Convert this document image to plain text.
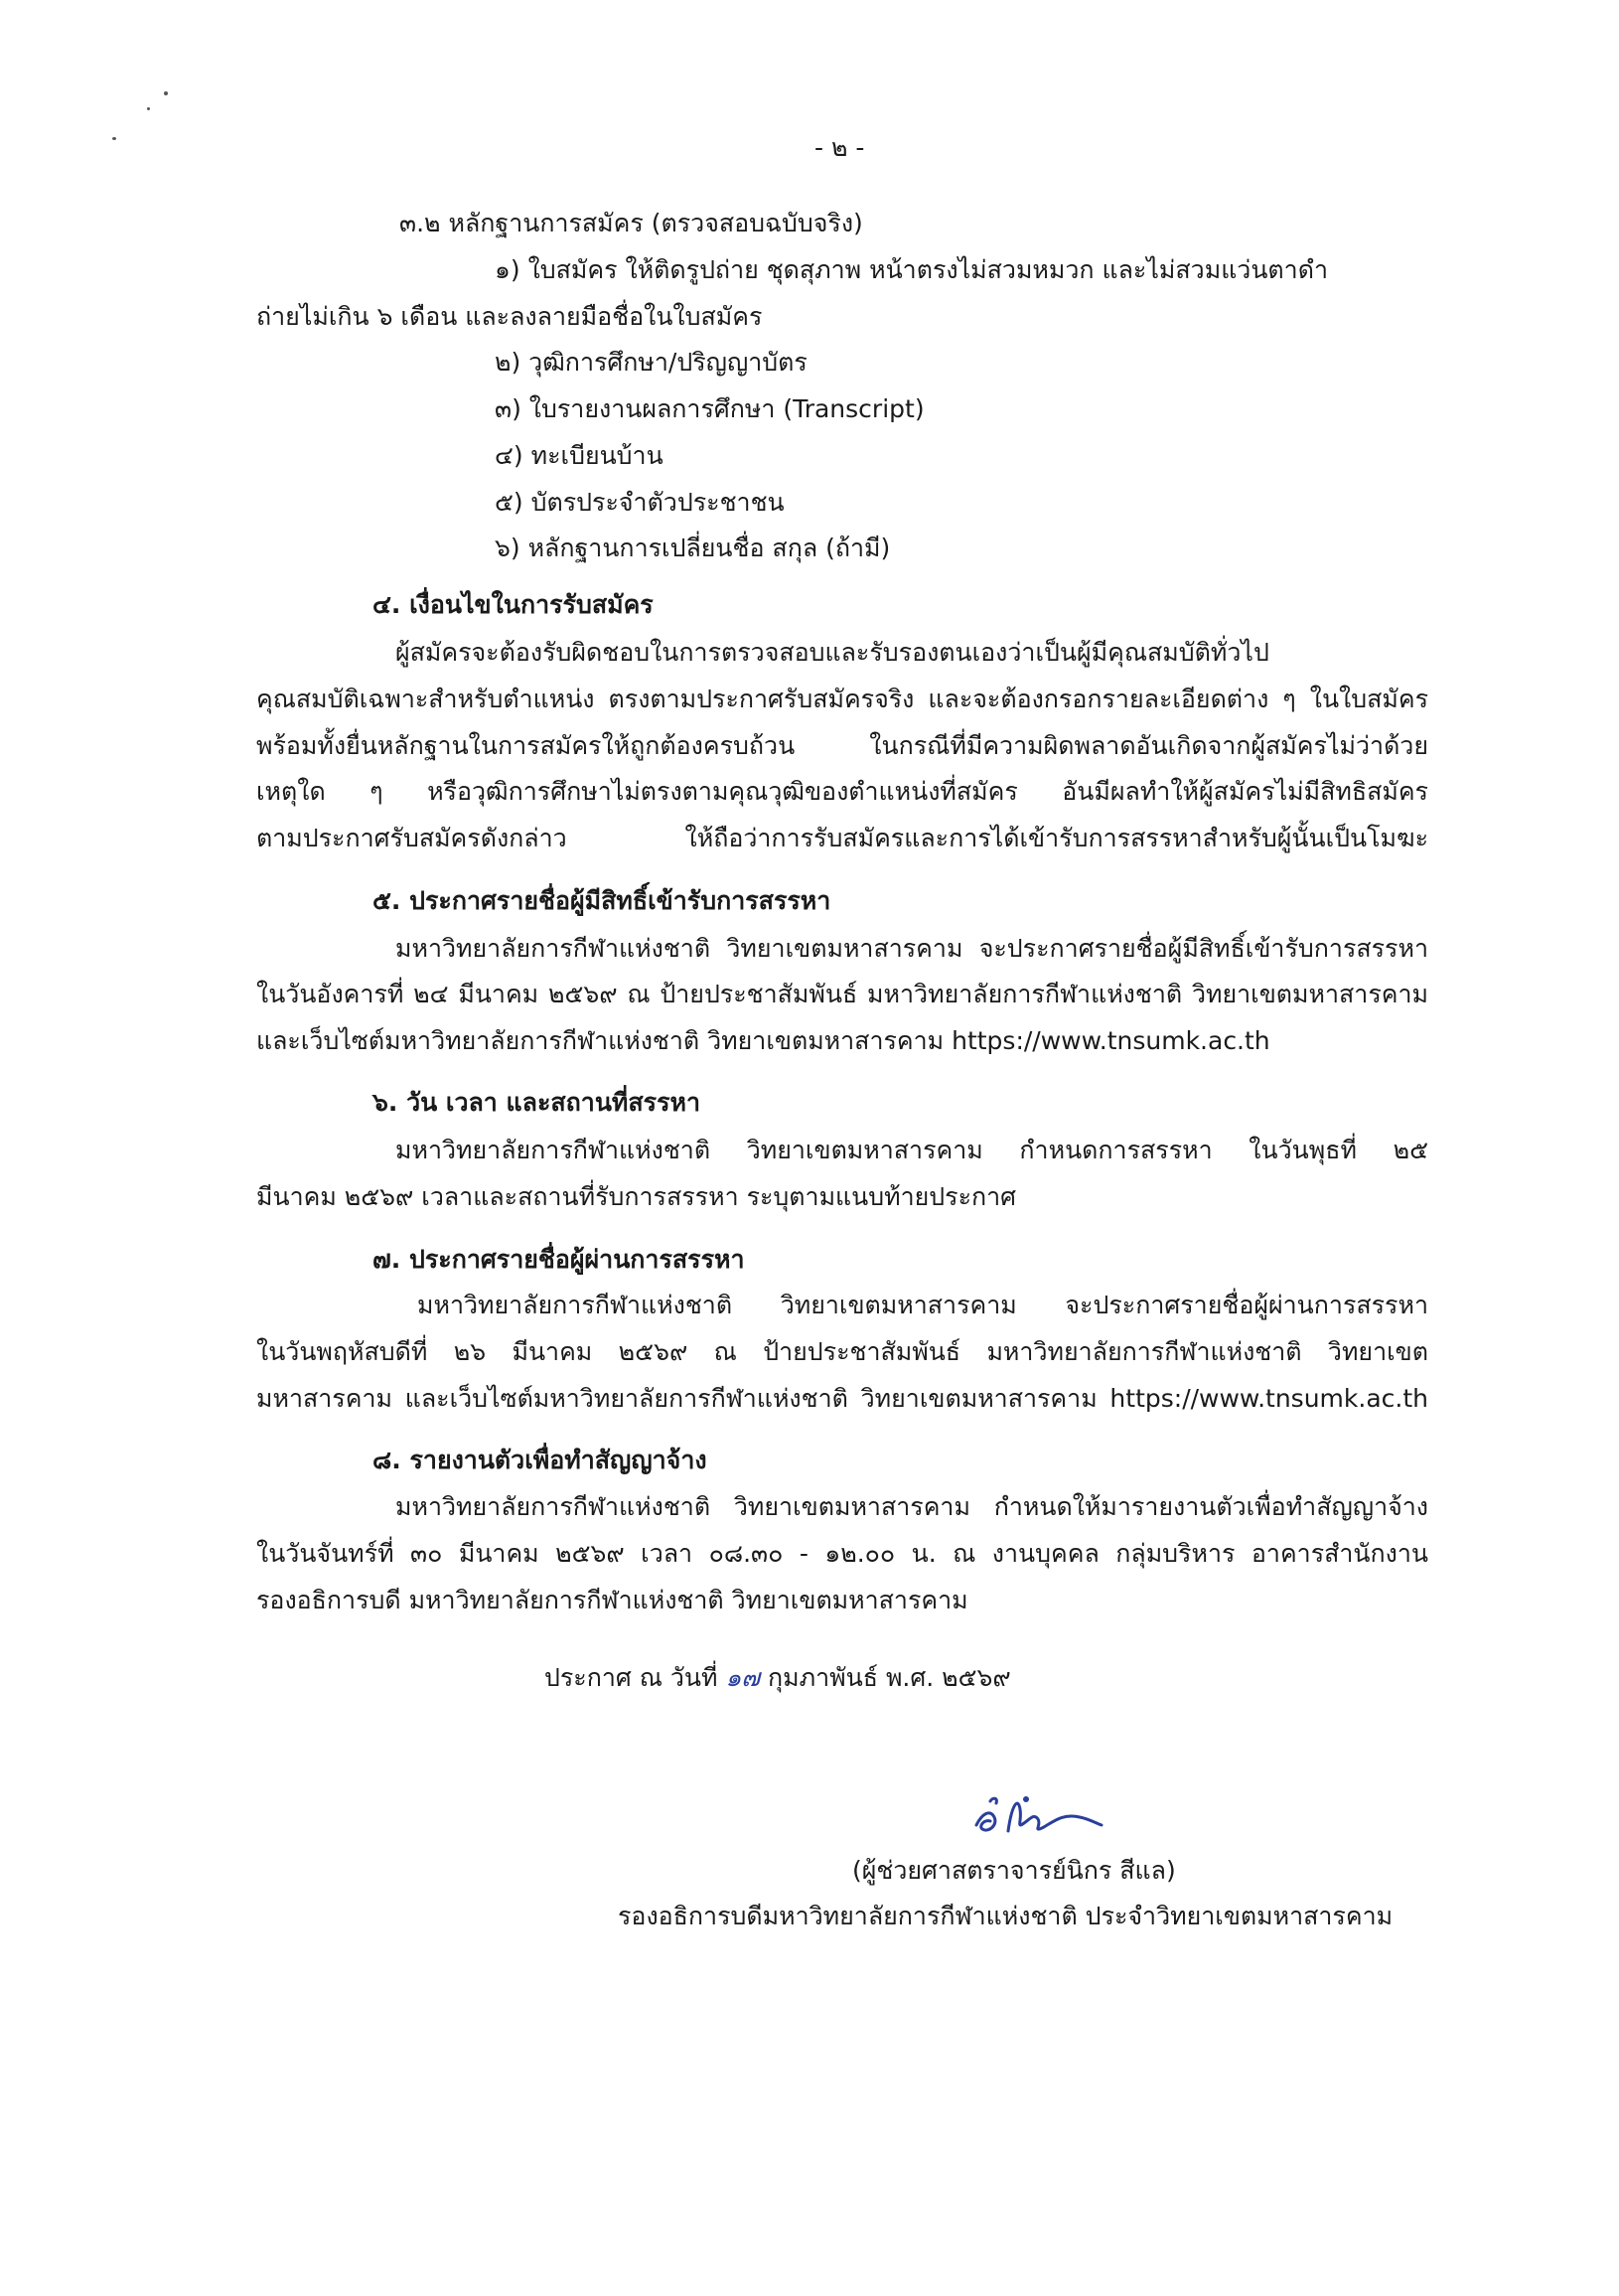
- ๒ -
๓.๒ หลักฐานการสมัคร (ตรวจสอบฉบับจริง)
๑) ใบสมัคร ให้ติดรูปถ่าย ชุดสุภาพ หน้าตรงไม่สวมหมวก และไม่สวมแว่นตาดำ
ถ่ายไม่เกิน ๖ เดือน และลงลายมือชื่อในใบสมัคร
๒) วุฒิการศึกษา/ปริญญาบัตร
๓) ใบรายงานผลการศึกษา (Transcript)
๔) ทะเบียนบ้าน
๕) บัตรประจำตัวประชาชน
๖) หลักฐานการเปลี่ยนชื่อ สกุล (ถ้ามี)
๔. เงื่อนไขในการรับสมัคร
ผู้สมัครจะต้องรับผิดชอบในการตรวจสอบและรับรองตนเองว่าเป็นผู้มีคุณสมบัติทั่วไป
คุณสมบัติเฉพาะสำหรับตำแหน่ง ตรงตามประกาศรับสมัครจริง และจะต้องกรอกรายละเอียดต่าง ๆ ในใบสมัคร
พร้อมทั้งยื่นหลักฐานในการสมัครให้ถูกต้องครบถ้วน ในกรณีที่มีความผิดพลาดอันเกิดจากผู้สมัครไม่ว่าด้วย
เหตุใด ๆ หรือวุฒิการศึกษาไม่ตรงตามคุณวุฒิของตำแหน่งที่สมัคร อันมีผลทำให้ผู้สมัครไม่มีสิทธิสมัคร
ตามประกาศรับสมัครดังกล่าว ให้ถือว่าการรับสมัครและการได้เข้ารับการสรรหาสำหรับผู้นั้นเป็นโมฆะ
๕. ประกาศรายชื่อผู้มีสิทธิ์เข้ารับการสรรหา
มหาวิทยาลัยการกีฬาแห่งชาติ วิทยาเขตมหาสารคาม จะประกาศรายชื่อผู้มีสิทธิ์เข้ารับการสรรหา
ในวันอังคารที่ ๒๔ มีนาคม ๒๕๖๙ ณ ป้ายประชาสัมพันธ์ มหาวิทยาลัยการกีฬาแห่งชาติ วิทยาเขตมหาสารคาม
และเว็บไซต์มหาวิทยาลัยการกีฬาแห่งชาติ วิทยาเขตมหาสารคาม https://www.tnsumk.ac.th
๖. วัน เวลา และสถานที่สรรหา
มหาวิทยาลัยการกีฬาแห่งชาติ วิทยาเขตมหาสารคาม กำหนดการสรรหา ในวันพุธที่ ๒๕
มีนาคม ๒๕๖๙ เวลาและสถานที่รับการสรรหา ระบุตามแนบท้ายประกาศ
๗. ประกาศรายชื่อผู้ผ่านการสรรหา
มหาวิทยาลัยการกีฬาแห่งชาติ วิทยาเขตมหาสารคาม จะประกาศรายชื่อผู้ผ่านการสรรหา
ในวันพฤหัสบดีที่ ๒๖ มีนาคม ๒๕๖๙ ณ ป้ายประชาสัมพันธ์ มหาวิทยาลัยการกีฬาแห่งชาติ วิทยาเขต
มหาสารคาม และเว็บไซต์มหาวิทยาลัยการกีฬาแห่งชาติ วิทยาเขตมหาสารคาม https://www.tnsumk.ac.th
๘. รายงานตัวเพื่อทำสัญญาจ้าง
มหาวิทยาลัยการกีฬาแห่งชาติ วิทยาเขตมหาสารคาม กำหนดให้มารายงานตัวเพื่อทำสัญญาจ้าง
ในวันจันทร์ที่ ๓๐ มีนาคม ๒๕๖๙ เวลา ๐๘.๓๐ - ๑๒.๐๐ น. ณ งานบุคคล กลุ่มบริหาร อาคารสำนักงาน
รองอธิการบดี มหาวิทยาลัยการกีฬาแห่งชาติ วิทยาเขตมหาสารคาม
ประกาศ ณ วันที่ ๑๗ กุมภาพันธ์ พ.ศ. ๒๕๖๙
(ผู้ช่วยศาสตราจารย์นิกร สีแล)
รองอธิการบดีมหาวิทยาลัยการกีฬาแห่งชาติ ประจำวิทยาเขตมหาสารคาม
